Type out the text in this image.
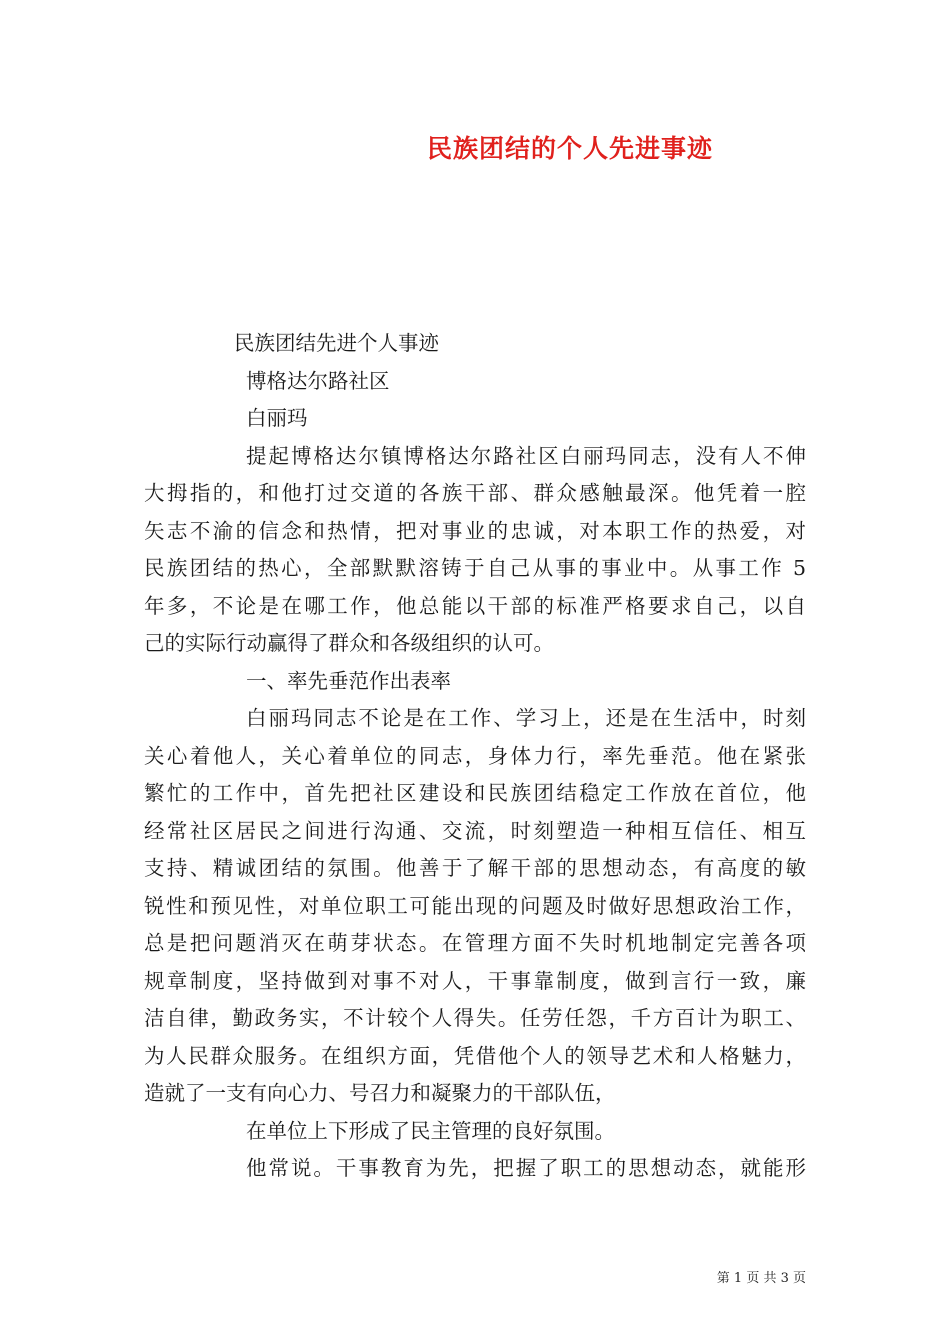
民族团结的个人先进事迹
民族团结先进个人事迹
博格达尔路社区
白丽玛
提起博格达尔镇博格达尔路社区白丽玛同志，没有人不伸
大拇指的，和他打过交道的各族干部、群众感触最深。他凭着一腔
矢志不渝的信念和热情，把对事业的忠诚，对本职工作的热爱，对
民族团结的热心，全部默默溶铸于自己从事的事业中。从事工作 5
年多，不论是在哪工作，他总能以干部的标准严格要求自己，以自
己的实际行动赢得了群众和各级组织的认可。
一、率先垂范作出表率
白丽玛同志不论是在工作、学习上，还是在生活中，时刻
关心着他人，关心着单位的同志，身体力行，率先垂范。他在紧张
繁忙的工作中，首先把社区建设和民族团结稳定工作放在首位，他
经常社区居民之间进行沟通、交流，时刻塑造一种相互信任、相互
支持、精诚团结的氛围。他善于了解干部的思想动态，有高度的敏
锐性和预见性，对单位职工可能出现的问题及时做好思想政治工作，
总是把问题消灭在萌芽状态。在管理方面不失时机地制定完善各项
规章制度，坚持做到对事不对人，干事靠制度，做到言行一致，廉
洁自律，勤政务实，不计较个人得失。任劳任怨，千方百计为职工、
为人民群众服务。在组织方面，凭借他个人的领导艺术和人格魅力，
造就了一支有向心力、号召力和凝聚力的干部队伍，
在单位上下形成了民主管理的良好氛围。
他常说。干事教育为先，把握了职工的思想动态，就能形
第 1 页 共 3 页
